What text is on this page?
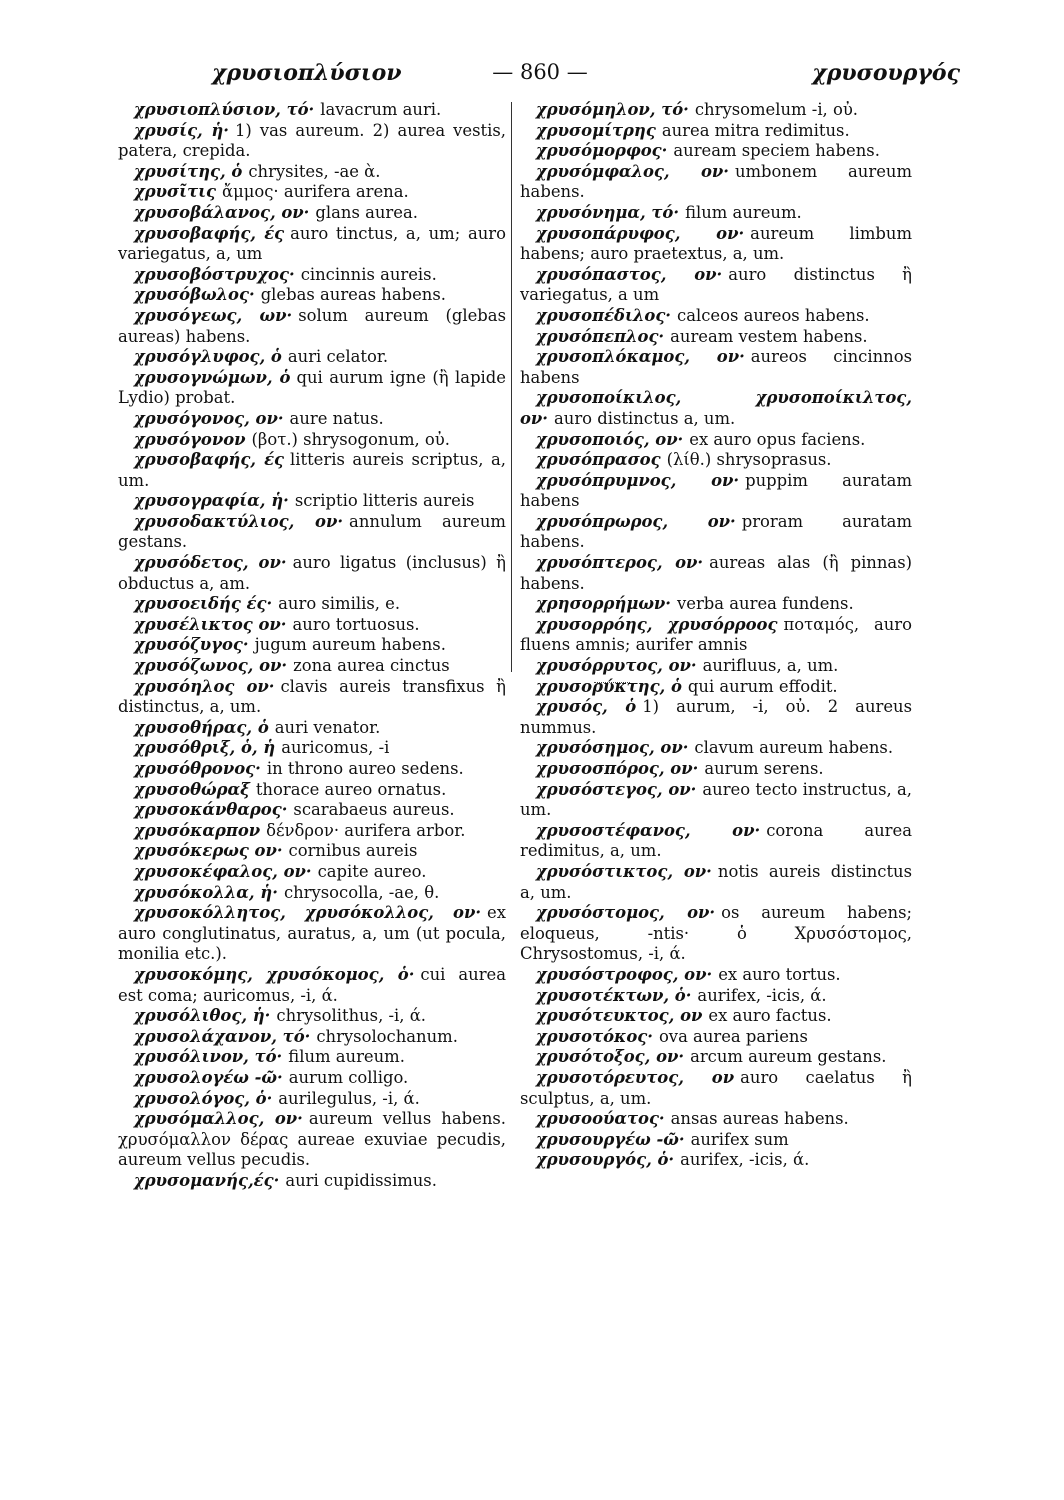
χρυσιοπλύσιον	— 860 —	χρυσουργός

χρυσιοπλύσιον, τό· lavacrum auri.

χρυσίς, ἡ· 1) vas aureum. 2) aurea vestis, patera, crepida.

χρυσίτης, ὁ chrysites, -ae ὰ.

χρυσῖτις ἄμμος· aurifera arena.

χρυσοβάλανος, ον· glans aurea.

χρυσοβαφής, ές auro tinctus, a, um; auro variegatus, a, um

χρυσοβόστρυχος· cincinnis aureis.

χρυσόβωλος· glebas aureas habens.

χρυσόγεως, ων· solum aureum (glebas aureas) habens.

χρυσόγλυφος, ὁ auri celator.

χρυσογνώμων, ὁ qui aurum igne (ἢ lapide Lydio) probat.

χρυσόγονος, ον· aure natus.

χρυσόγονον (βοτ.) shrysogonum, οὐ.

χρυσοβαφής, ές litteris aureis scriptus, a, um.

χρυσογραφία, ἡ· scriptio litteris aureis

χρυσοδακτύλιος, ον· annulum aureum gestans.

χρυσόδετος, ον· auro ligatus (inclusus) ἢ obductus a, am.

χρυσοειδής ές· auro similis, e.

χρυσέλικτος ον· auro tortuosus.

χρυσόζυγος· jugum aureum habens.

χρυσόζωνος, ον· zona aurea cinctus

χρυσόηλος ον· clavis aureis transfixus ἢ distinctus, a, um.

χρυσοθήρας, ὁ auri venator.

χρυσόθριξ, ὁ, ἡ auricomus, -i

χρυσόθρονος· in throno aureo sedens.

χρυσοθώραξ thorace aureo ornatus.

χρυσοκάνθαρος· scarabaeus aureus.

χρυσόκαρπον δένδρον· aurifera arbor.

χρυσόκερως ον· cornibus aureis

χρυσοκέφαλος, ον· capite aureo.

χρυσόκολλα, ἡ· chrysocolla, -ae, θ.

χρυσοκόλλητος, χρυσόκολλος, ον· ex auro conglutinatus, auratus, a, um (ut pocula, monilia etc.).

χρυσοκόμης, χρυσόκομος, ὁ· cui aurea est coma; auricomus, -i, ά.

χρυσόλιθος, ἡ· chrysolithus, -i, ά.

χρυσολάχανον, τό· chrysolochanum.

χρυσόλινον, τό· filum aureum.

χρυσολογέω -ῶ· aurum colligo.

χρυσολόγος, ὁ· aurilegulus, -i, ά.

χρυσόμαλλος, ον· aureum vellus habens. χρυσόμαλλον δέρας aureae exuviae pecudis, aureum vellus pecudis.

χρυσομανής,ές· auri cupidissimus.

χρυσόμηλον, τό· chrysomelum -i, οὐ.

χρυσομίτρης aurea mitra redimitus.

χρυσόμορφος· auream speciem habens.

χρυσόμφαλος, ον· umbonem aureum habens.

χρυσόνημα, τό· filum aureum.

χρυσοπάρυφος, ον· aureum limbum habens; auro praetextus, a, um.

χρυσόπαστος, ον· auro distinctus ἢ variegatus, a um

χρυσοπέδιλος· calceos aureos habens.

χρυσόπεπλος· auream vestem habens.

χρυσοπλόκαμος, ον· aureos cincinnos habens

χρυσοποίκιλος, χρυσοποίκιλτος, ον· auro distinctus a, um.

χρυσοποιός, ον· ex auro opus faciens.

χρυσόπρασος (λίθ.) shrysoprasus.

χρυσόπρυμνος, ον· puppim auratam habens

χρυσόπρωρος, ον· proram auratam habens.

χρυσόπτερος, ον· aureas alas (ἢ pinnas) habens.

χρησορρήμων· verba aurea fundens.

χρυσορρόης, χρυσόρροος ποταμός, auro fluens amnis; aurifer amnis

χρυσόρρυτος, ον· aurifluus, a, um.

χρυσορύκτης, ὁ qui aurum effodit.

χρυσός, ὁ 1) aurum, -i, οὐ. 2 aureus nummus.

χρυσόσημος, ον· clavum aureum habens.

χρυσοσπόρος, ον· aurum serens.

χρυσόστεγος, ον· aureo tecto instructus, a, um.

χρυσοστέφανος, ον· corona aurea redimitus, a, um.

χρυσόστικτος, ον· notis aureis distinctus a, um.

χρυσόστομος, ον· os aureum habens; eloqueus, -ntis· ὁ Χρυσόστομος, Chrysostomus, -i, ά.

χρυσόστροφος, ον· ex auro tortus.

χρυσοτέκτων, ὁ· aurifex, -icis, ά.

χρυσότευκτος, ον ex auro factus.

χρυσοτόκος· ova aurea pariens

χρυσότοξος, ον· arcum aureum gestans.

χρυσοτόρευτος, ον auro caelatus ἢ sculptus, a, um.

χρυσοούατος· ansas aureas habens.

χρυσουργέω -ῶ· aurifex sum

χρυσουργός, ὁ· aurifex, -icis, ά.
